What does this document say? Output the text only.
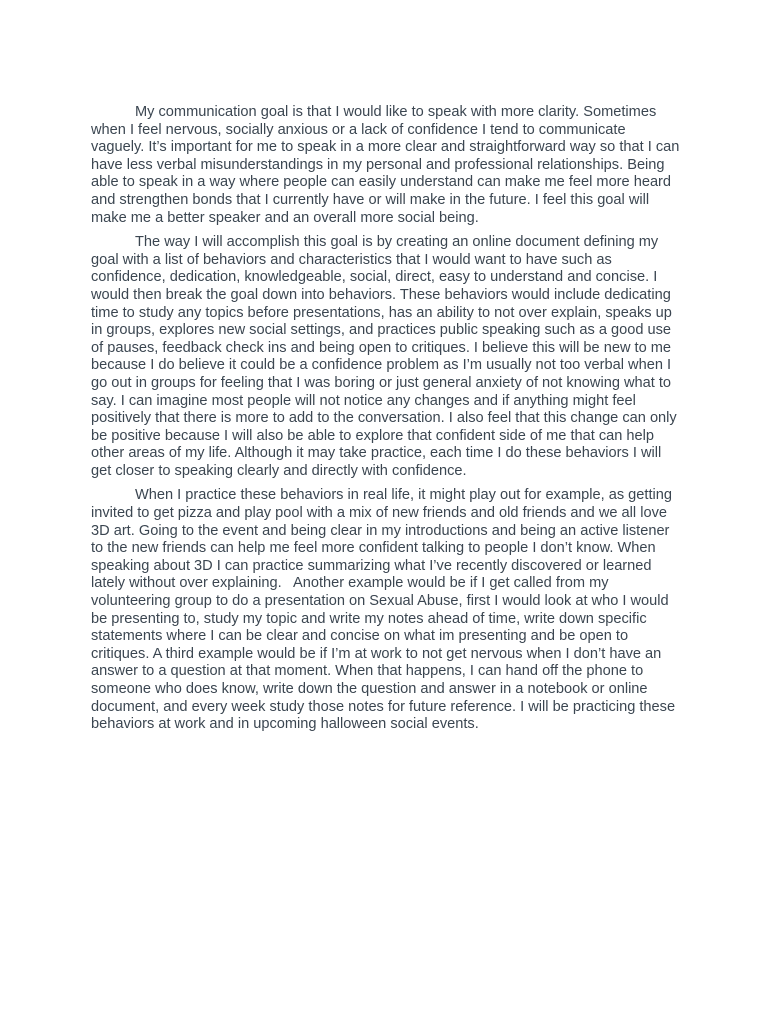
My communication goal is that I would like to speak with more clarity. Sometimes when I feel nervous, socially anxious or a lack of confidence I tend to communicate vaguely. It’s important for me to speak in a more clear and straightforward way so that I can have less verbal misunderstandings in my personal and professional relationships. Being able to speak in a way where people can easily understand can make me feel more heard and strengthen bonds that I currently have or will make in the future. I feel this goal will make me a better speaker and an overall more social being.

The way I will accomplish this goal is by creating an online document defining my goal with a list of behaviors and characteristics that I would want to have such as confidence, dedication, knowledgeable, social, direct, easy to understand and concise. I would then break the goal down into behaviors. These behaviors would include dedicating time to study any topics before presentations, has an ability to not over explain, speaks up in groups, explores new social settings, and practices public speaking such as a good use of pauses, feedback check ins and being open to critiques. I believe this will be new to me because I do believe it could be a confidence problem as I’m usually not too verbal when I go out in groups for feeling that I was boring or just general anxiety of not knowing what to say. I can imagine most people will not notice any changes and if anything might feel positively that there is more to add to the conversation. I also feel that this change can only be positive because I will also be able to explore that confident side of me that can help other areas of my life. Although it may take practice, each time I do these behaviors I will get closer to speaking clearly and directly with confidence.

When I practice these behaviors in real life, it might play out for example, as getting invited to get pizza and play pool with a mix of new friends and old friends and we all love 3D art. Going to the event and being clear in my introductions and being an active listener to the new friends can help me feel more confident talking to people I don’t know. When speaking about 3D I can practice summarizing what I’ve recently discovered or learned lately without over explaining.   Another example would be if I get called from my volunteering group to do a presentation on Sexual Abuse, first I would look at who I would be presenting to, study my topic and write my notes ahead of time, write down specific statements where I can be clear and concise on what im presenting and be open to critiques. A third example would be if I’m at work to not get nervous when I don’t have an answer to a question at that moment. When that happens, I can hand off the phone to someone who does know, write down the question and answer in a notebook or online document, and every week study those notes for future reference. I will be practicing these behaviors at work and in upcoming halloween social events.
